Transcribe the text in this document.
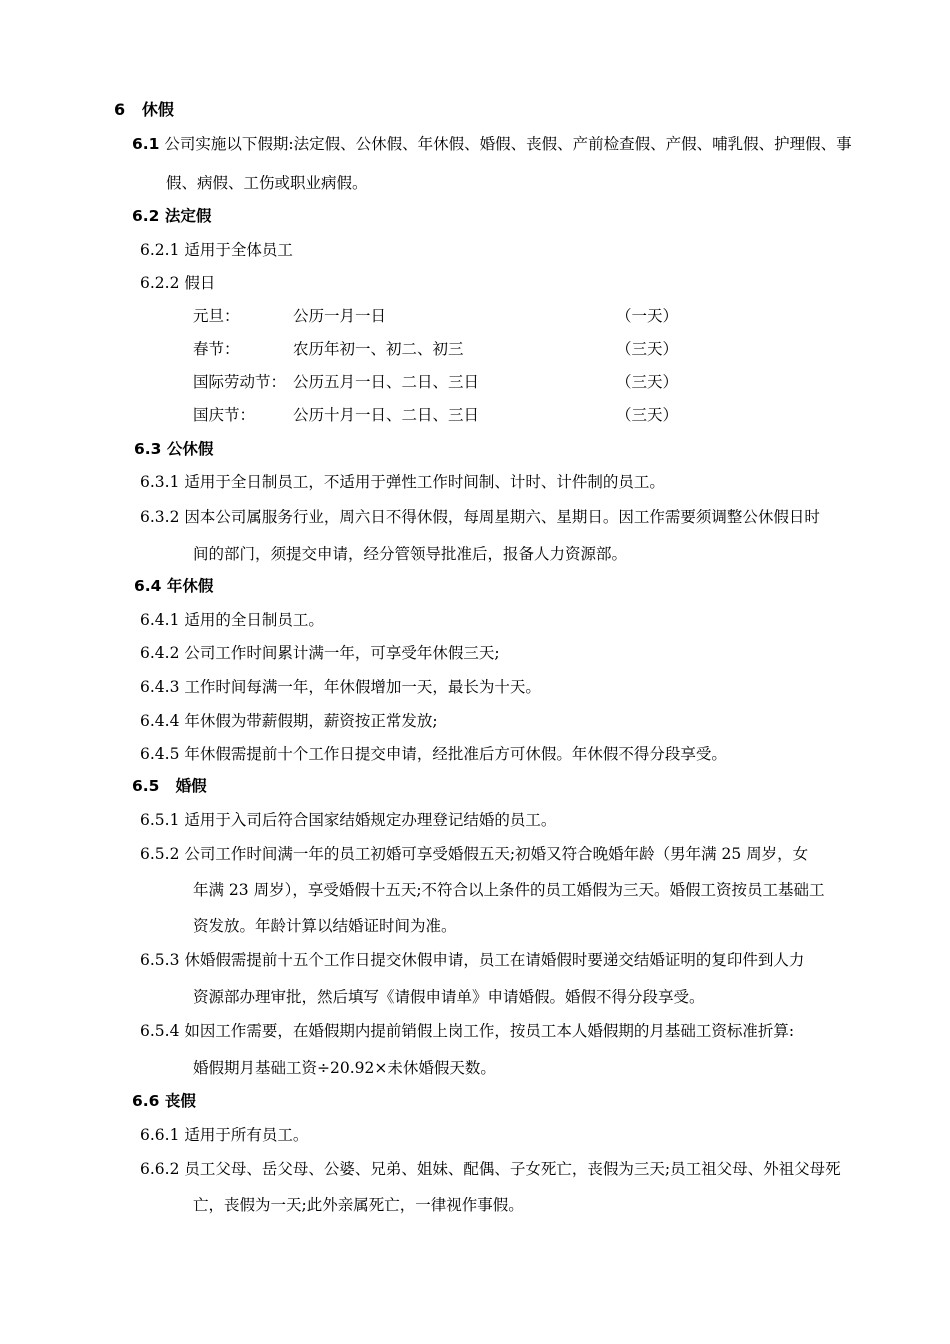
6 休假
6.1 公司实施以下假期:法定假、公休假、年休假、婚假、丧假、产前检查假、产假、哺乳假、护理假、事
假、病假、工伤或职业病假。
6.2 法定假
6.2.1 适用于全体员工
6.2.2 假日
元旦：	公历一月一日	（一天）
春节：	农历年初一、初二、初三	（三天）
国际劳动节： 公历五月一日、二日、三日	（三天）
国庆节： 公历十月一日、二日、三日	（三天）
6.3 公休假
6.3.1 适用于全日制员工，不适用于弹性工作时间制、计时、计件制的员工。
6.3.2 因本公司属服务行业，周六日不得休假，每周星期六、星期日。因工作需要须调整公休假日时
间的部门，须提交申请，经分管领导批准后，报备人力资源部。
6.4 年休假
6.4.1 适用的全日制员工。
6.4.2 公司工作时间累计满一年，可享受年休假三天;
6.4.3 工作时间每满一年，年休假增加一天，最长为十天。
6.4.4 年休假为带薪假期，薪资按正常发放;
6.4.5 年休假需提前十个工作日提交申请，经批准后方可休假。年休假不得分段享受。
6.5 婚假
6.5.1 适用于入司后符合国家结婚规定办理登记结婚的员工。
6.5.2 公司工作时间满一年的员工初婚可享受婚假五天;初婚又符合晚婚年龄（男年满 25 周岁，女
年满 23 周岁），享受婚假十五天;不符合以上条件的员工婚假为三天。婚假工资按员工基础工
资发放。年龄计算以结婚证时间为准。
6.5.3 休婚假需提前十五个工作日提交休假申请，员工在请婚假时要递交结婚证明的复印件到人力
资源部办理审批，然后填写《请假申请单》申请婚假。婚假不得分段享受。
6.5.4 如因工作需要，在婚假期内提前销假上岗工作，按员工本人婚假期的月基础工资标准折算:
婚假期月基础工资÷20.92×未休婚假天数。
6.6 丧假
6.6.1 适用于所有员工。
6.6.2 员工父母、岳父母、公婆、兄弟、姐妹、配偶、子女死亡，丧假为三天;员工祖父母、外祖父母死
亡，丧假为一天;此外亲属死亡，一律视作事假。
